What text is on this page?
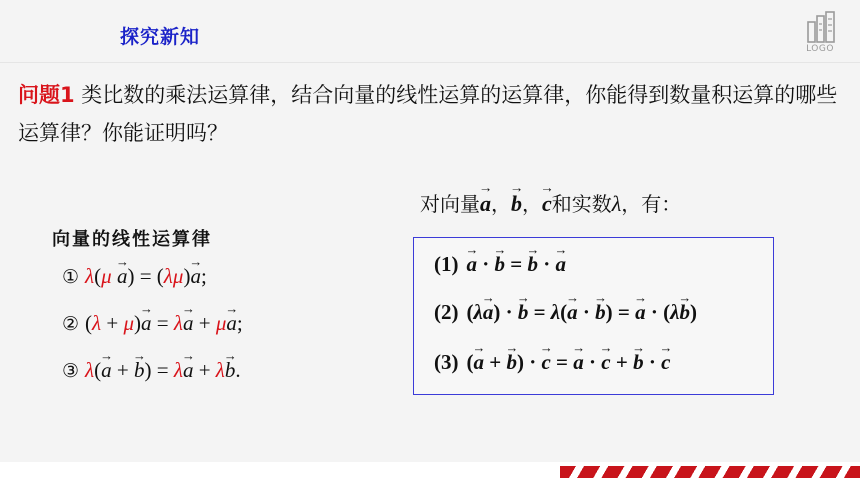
探究新知
LOGO
问题1 类比数的乘法运算律，结合向量的线性运算的运算律，你能得到数量积运算的哪些运算律？你能证明吗？
对向量→ a，→ b，→ c和实数λ，有：
向量的线性运算律
① λ(μ → a) = (λμ)→ a;
② (λ + μ)→ a = λ→ a + μ→ a;
③ λ(→ a + → b) = λ→ a + λ→ b.
(1) → a · → b = → b · → a
(2) (λ→ a) · → b = λ(→ a · → b) = → a · (λ→ b)
(3) (→ a + → b) · → c = → a · → c + → b · → c
